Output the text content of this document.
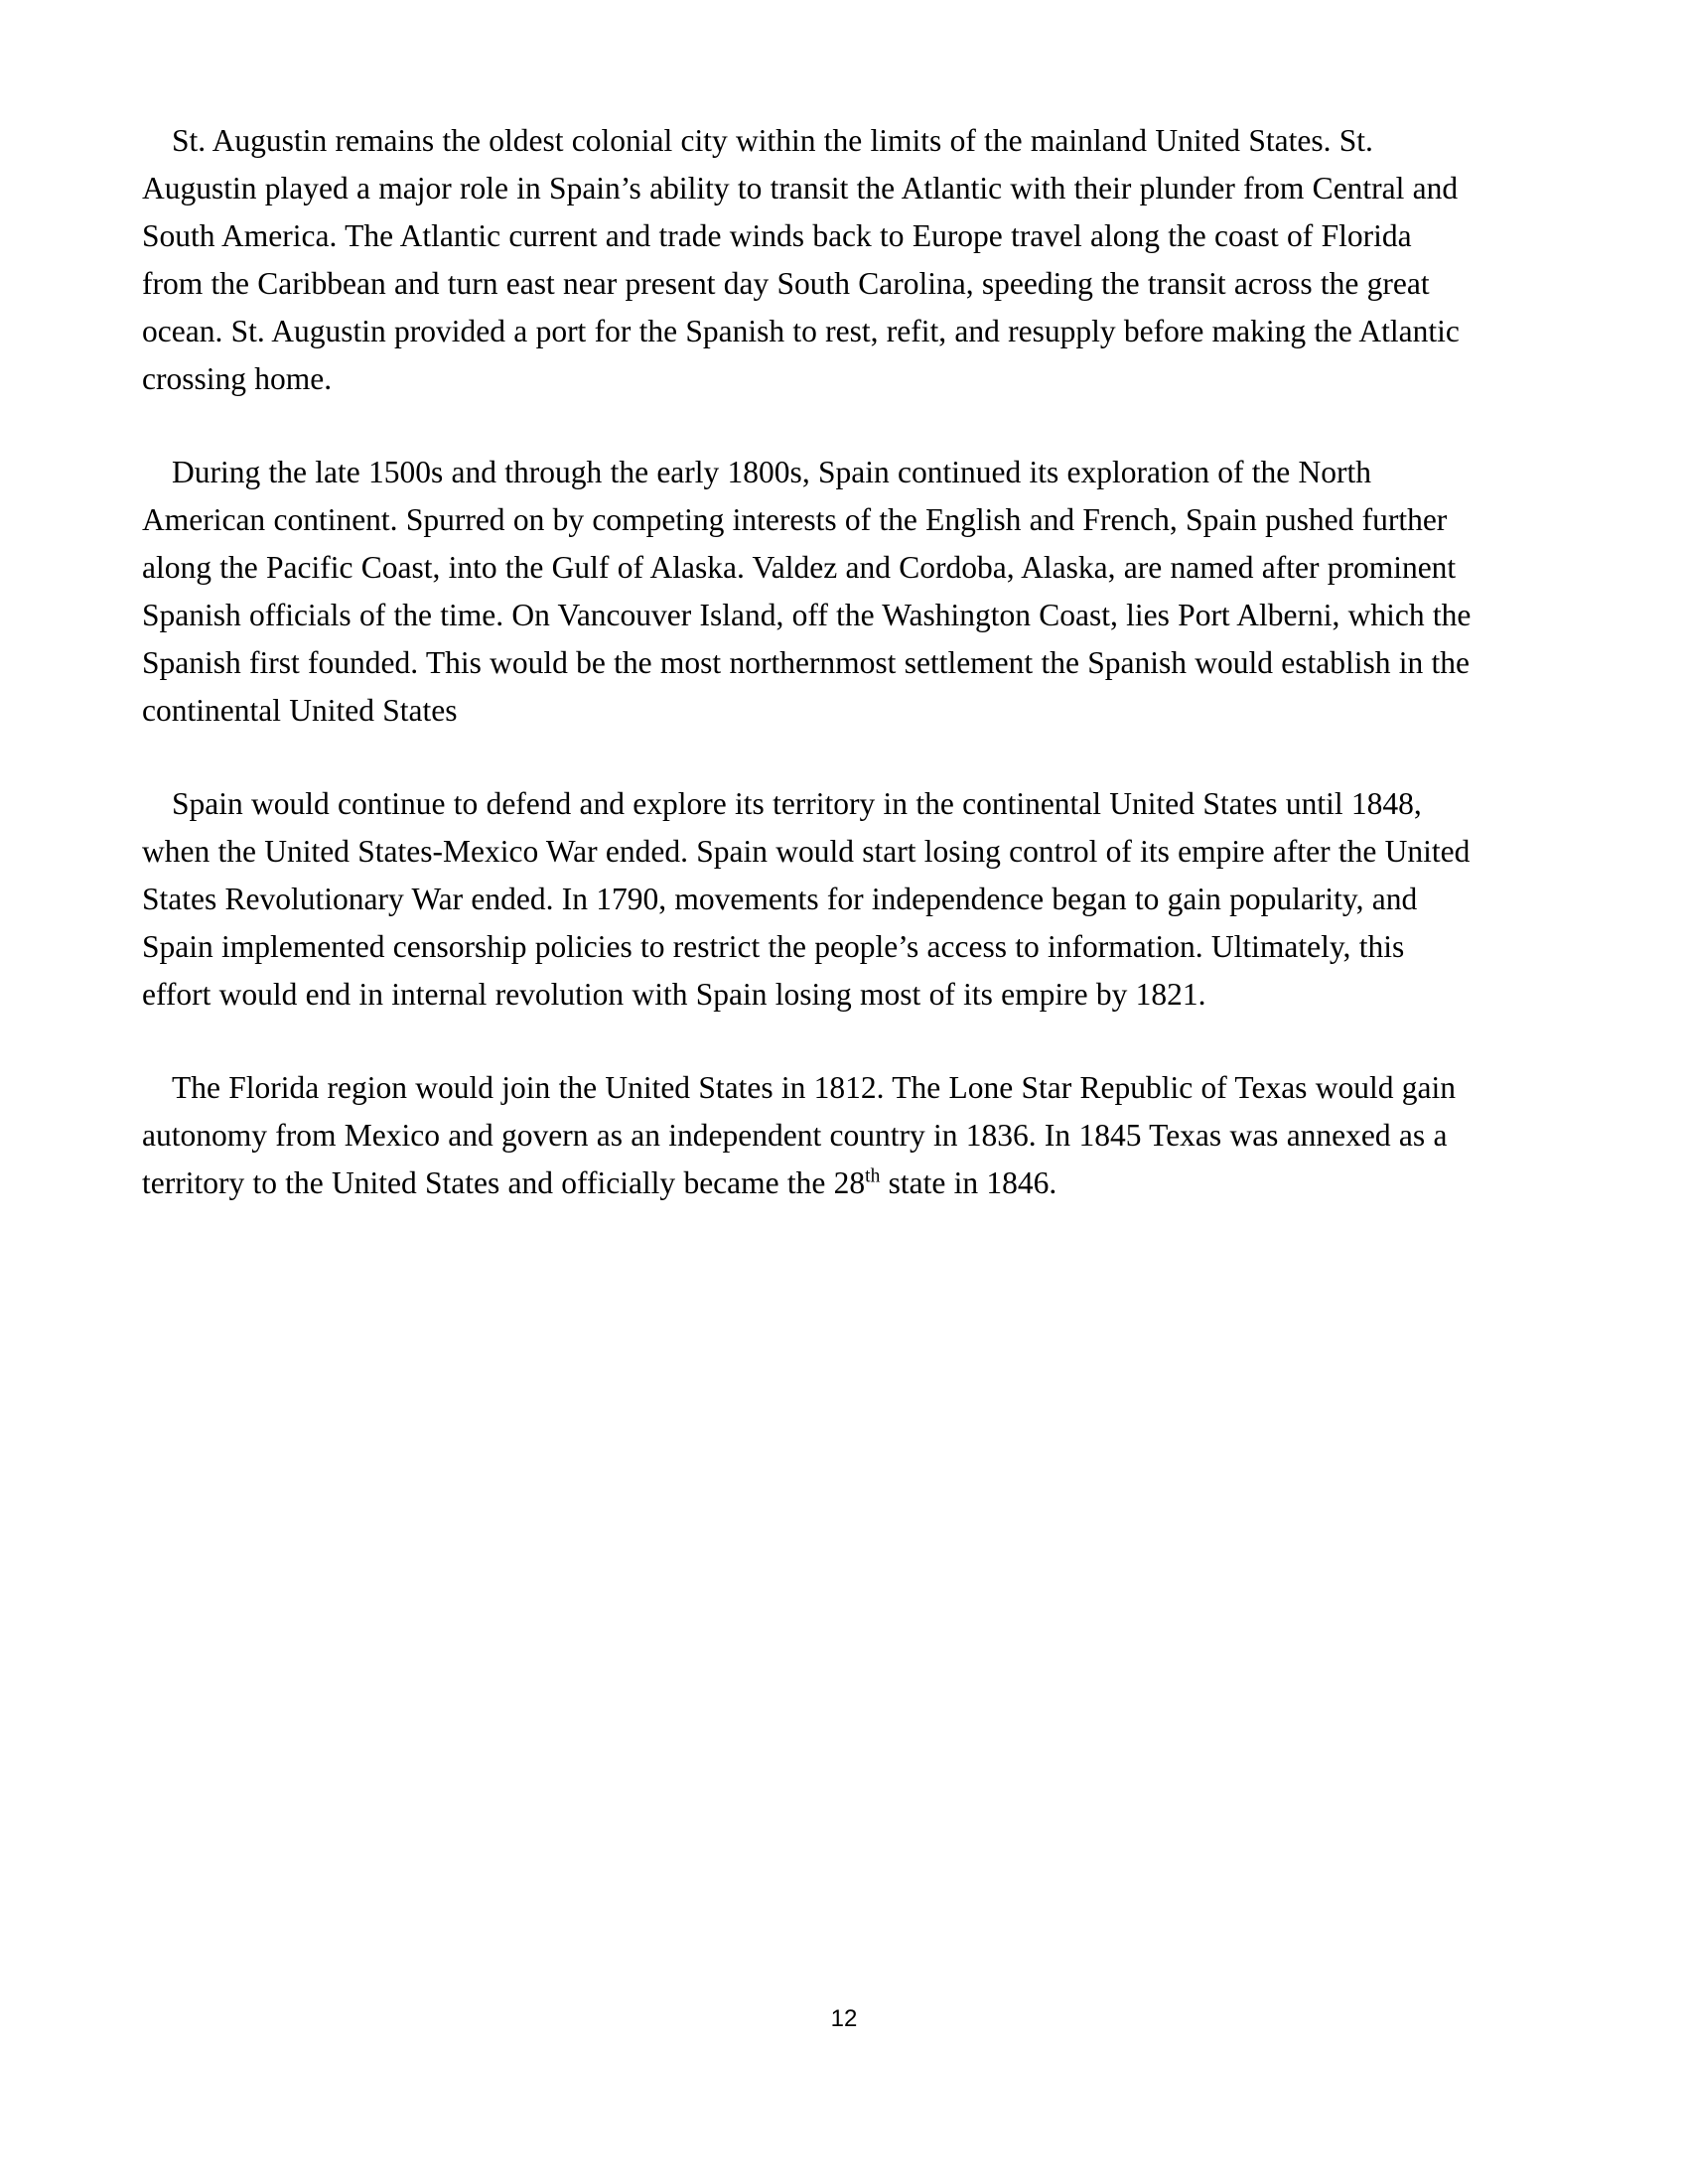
St. Augustin remains the oldest colonial city within the limits of the mainland United States. St. Augustin played a major role in Spain’s ability to transit the Atlantic with their plunder from Central and South America. The Atlantic current and trade winds back to Europe travel along the coast of Florida from the Caribbean and turn east near present day South Carolina, speeding the transit across the great ocean. St. Augustin provided a port for the Spanish to rest, refit, and resupply before making the Atlantic crossing home.

During the late 1500s and through the early 1800s, Spain continued its exploration of the North American continent. Spurred on by competing interests of the English and French, Spain pushed further along the Pacific Coast, into the Gulf of Alaska. Valdez and Cordoba, Alaska, are named after prominent Spanish officials of the time. On Vancouver Island, off the Washington Coast, lies Port Alberni, which the Spanish first founded. This would be the most northernmost settlement the Spanish would establish in the continental United States

Spain would continue to defend and explore its territory in the continental United States until 1848, when the United States-Mexico War ended. Spain would start losing control of its empire after the United States Revolutionary War ended. In 1790, movements for independence began to gain popularity, and Spain implemented censorship policies to restrict the people’s access to information. Ultimately, this effort would end in internal revolution with Spain losing most of its empire by 1821.

The Florida region would join the United States in 1812. The Lone Star Republic of Texas would gain autonomy from Mexico and govern as an independent country in 1836. In 1845 Texas was annexed as a territory to the United States and officially became the 28th state in 1846.

12
